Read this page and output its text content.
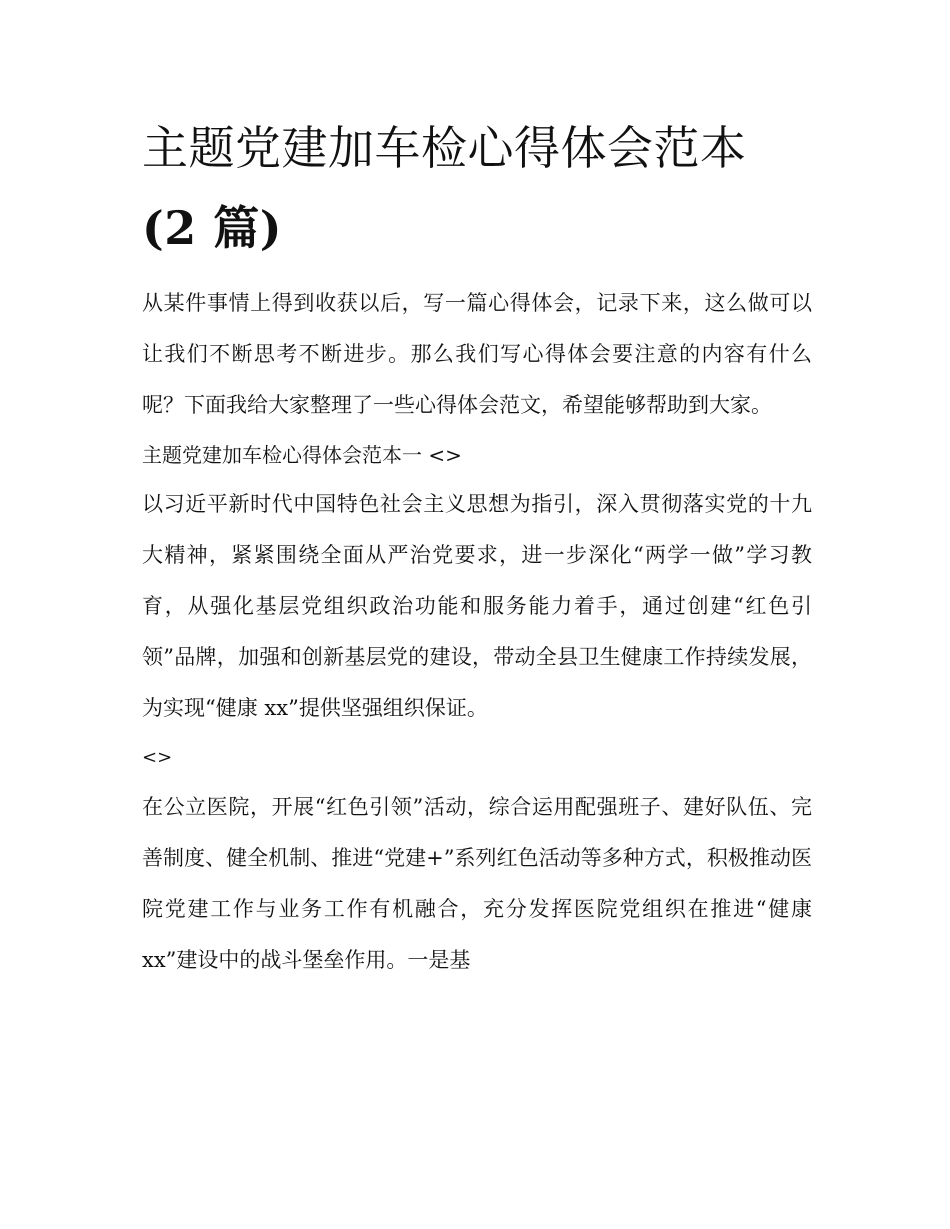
主题党建加车检心得体会范本
(2 篇)

从某件事情上得到收获以后，写一篇心得体会，记录下来，这么做可以让我们不断思考不断进步。那么我们写心得体会要注意的内容有什么呢？下面我给大家整理了一些心得体会范文，希望能够帮助到大家。

主题党建加车检心得体会范本一 <>

以习近平新时代中国特色社会主义思想为指引，深入贯彻落实党的十九大精神，紧紧围绕全面从严治党要求，进一步深化“两学一做”学习教育，从强化基层党组织政治功能和服务能力着手，通过创建“红色引领”品牌，加强和创新基层党的建设，带动全县卫生健康工作持续发展，为实现“健康 xx”提供坚强组织保证。

<>

在公立医院，开展“红色引领”活动，综合运用配强班子、建好队伍、完善制度、健全机制、推进“党建+”系列红色活动等多种方式，积极推动医院党建工作与业务工作有机融合，充分发挥医院党组织在推进“健康 xx”建设中的战斗堡垒作用。一是基
